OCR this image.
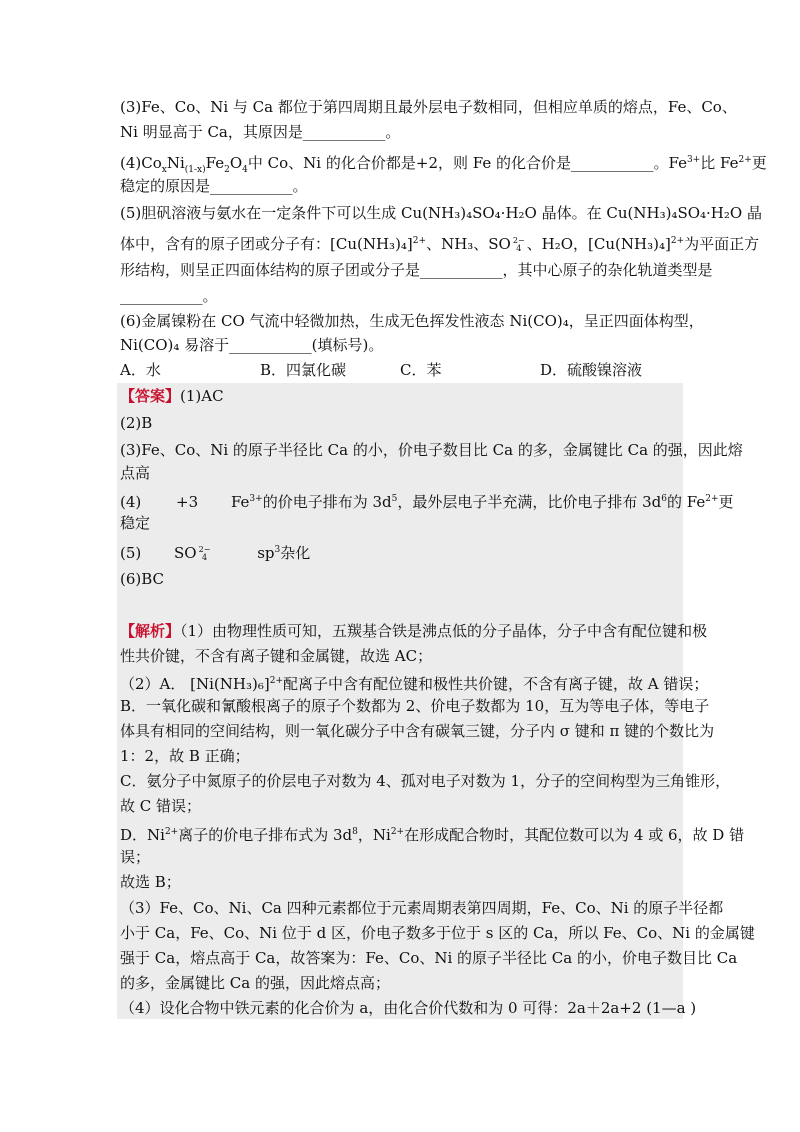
(3)Fe、Co、Ni 与 Ca 都位于第四周期且最外层电子数相同，但相应单质的熔点，Fe、Co、
Ni 明显高于 Ca，其原因是___________。
$(4)Co_xNi_{(1-x)}Fe_2O_4$中 Co、Ni 的化合价都是+2，则 Fe 的化合价是___________。$Fe^{3+}$比 $Fe^{2+}$更
稳定的原因是___________。
(5)胆矾溶液与氨水在一定条件下可以生成 Cu(NH₃)₄SO₄·H₂O 晶体。在 Cu(NH₃)₄SO₄·H₂O 晶
体中，含有的原子团或分子有：$[Cu(NH_3)_4]^{2+}$、NH₃、SO 2−
4 、H₂O，$[Cu(NH_3)_4]^{2+}$为平面正方
形结构，则呈正四面体结构的原子团或分子是___________，其中心原子的杂化轨道类型是
___________。
(6)金属镍粉在 CO 气流中轻微加热，生成无色挥发性液态 Ni(CO)₄，呈正四面体构型，
Ni(CO)₄ 易溶于___________(填标号)。
A．水	B．四氯化碳	C．苯	D．硫酸镍溶液
【答案】(1)AC
(2)B
(3)Fe、Co、Ni 的原子半径比 Ca 的小，价电子数目比 Ca 的多，金属键比 Ca 的强，因此熔
点高
(4) +3 $Fe^{3+}$的价电子排布为 $3d^5$，最外层电子半充满，比价电子排布 $3d^6$的 $Fe^{2+}$更
稳定
(5) SO 2−
4	$sp^3$杂化
(6)BC
【解析】（1）由物理性质可知，五羰基合铁是沸点低的分子晶体，分子中含有配位键和极
性共价键，不含有离子键和金属键，故选 AC；
（2）A． $[Ni(NH_3)_6]^{2+}$配离子中含有配位键和极性共价键，不含有离子键，故 A 错误；
B．一氧化碳和氰酸根离子的原子个数都为 2、价电子数都为 10，互为等电子体，等电子
体具有相同的空间结构，则一氧化碳分子中含有碳氧三键，分子内 σ 键和 π 键的个数比为
1：2，故 B 正确；
C．氨分子中氮原子的价层电子对数为 4、孤对电子对数为 1，分子的空间构型为三角锥形，
故 C 错误；
D．$Ni^{2+}$离子的价电子排布式为 $3d^8$，$Ni^{2+}$在形成配合物时，其配位数可以为 4 或 6，故 D 错
误；
故选 B；
（3）Fe、Co、Ni、Ca 四种元素都位于元素周期表第四周期，Fe、Co、Ni 的原子半径都
小于 Ca，Fe、Co、Ni 位于 d 区，价电子数多于位于 s 区的 Ca，所以 Fe、Co、Ni 的金属键
强于 Ca，熔点高于 Ca，故答案为：Fe、Co、Ni 的原子半径比 Ca 的小，价电子数目比 Ca
的多，金属键比 Ca 的强，因此熔点高；
（4）设化合物中铁元素的化合价为 a，由化合价代数和为 0 可得：2a＋2a+2 (1—a )
